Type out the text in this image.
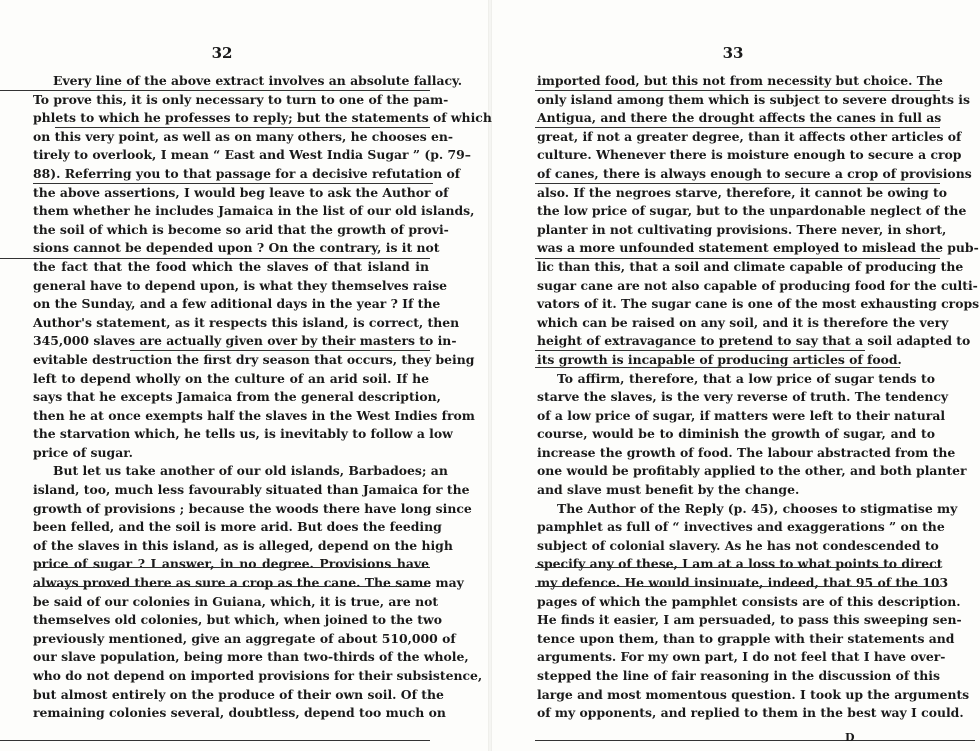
32
Every line of the above extract involves an absolute fallacy.
To prove this, it is only necessary to turn to one of the pam-
phlets to which he professes to reply; but the statements of which
on this very point, as well as on many others, he chooses en-
tirely to overlook, I mean “ East and West India Sugar ” (p. 79–
88). Referring you to that passage for a decisive refutation of
the above assertions, I would beg leave to ask the Author of
them whether he includes Jamaica in the list of our old islands,
the soil of which is become so arid that the growth of provi-
sions cannot be depended upon ? On the contrary, is it not
the fact that the food which the slaves of that island in
general have to depend upon, is what they themselves raise
on the Sunday, and a few aditional days in the year ? If the
Author's statement, as it respects this island, is correct, then
345,000 slaves are actually given over by their masters to in-
evitable destruction the first dry season that occurs, they being
left to depend wholly on the culture of an arid soil. If he
says that he excepts Jamaica from the general description,
then he at once exempts half the slaves in the West Indies from
the starvation which, he tells us, is inevitably to follow a low
price of sugar.
But let us take another of our old islands, Barbadoes; an
island, too, much less favourably situated than Jamaica for the
growth of provisions ; because the woods there have long since
been felled, and the soil is more arid. But does the feeding
of the slaves in this island, as is alleged, depend on the high
price of sugar ? I answer, in no degree. Provisions have
always proved there as sure a crop as the cane. The same may
be said of our colonies in Guiana, which, it is true, are not
themselves old colonies, but which, when joined to the two
previously mentioned, give an aggregate of about 510,000 of
our slave population, being more than two-thirds of the whole,
who do not depend on imported provisions for their subsistence,
but almost entirely on the produce of their own soil. Of the
remaining colonies several, doubtless, depend too much on
33
imported food, but this not from necessity but choice. The
only island among them which is subject to severe droughts is
Antigua, and there the drought affects the canes in full as
great, if not a greater degree, than it affects other articles of
culture. Whenever there is moisture enough to secure a crop
of canes, there is always enough to secure a crop of provisions
also. If the negroes starve, therefore, it cannot be owing to
the low price of sugar, but to the unpardonable neglect of the
planter in not cultivating provisions. There never, in short,
was a more unfounded statement employed to mislead the pub-
lic than this, that a soil and climate capable of producing the
sugar cane are not also capable of producing food for the culti-
vators of it. The sugar cane is one of the most exhausting crops
which can be raised on any soil, and it is therefore the very
height of extravagance to pretend to say that a soil adapted to
its growth is incapable of producing articles of food.
To affirm, therefore, that a low price of sugar tends to
starve the slaves, is the very reverse of truth. The tendency
of a low price of sugar, if matters were left to their natural
course, would be to diminish the growth of sugar, and to
increase the growth of food. The labour abstracted from the
one would be profitably applied to the other, and both planter
and slave must benefit by the change.
The Author of the Reply (p. 45), chooses to stigmatise my
pamphlet as full of “ invectives and exaggerations ” on the
subject of colonial slavery. As he has not condescended to
specify any of these, I am at a loss to what points to direct
my defence. He would insinuate, indeed, that 95 of the 103
pages of which the pamphlet consists are of this description.
He finds it easier, I am persuaded, to pass this sweeping sen-
tence upon them, than to grapple with their statements and
arguments. For my own part, I do not feel that I have over-
stepped the line of fair reasoning in the discussion of this
large and most momentous question. I took up the arguments
of my opponents, and replied to them in the best way I could.
D
